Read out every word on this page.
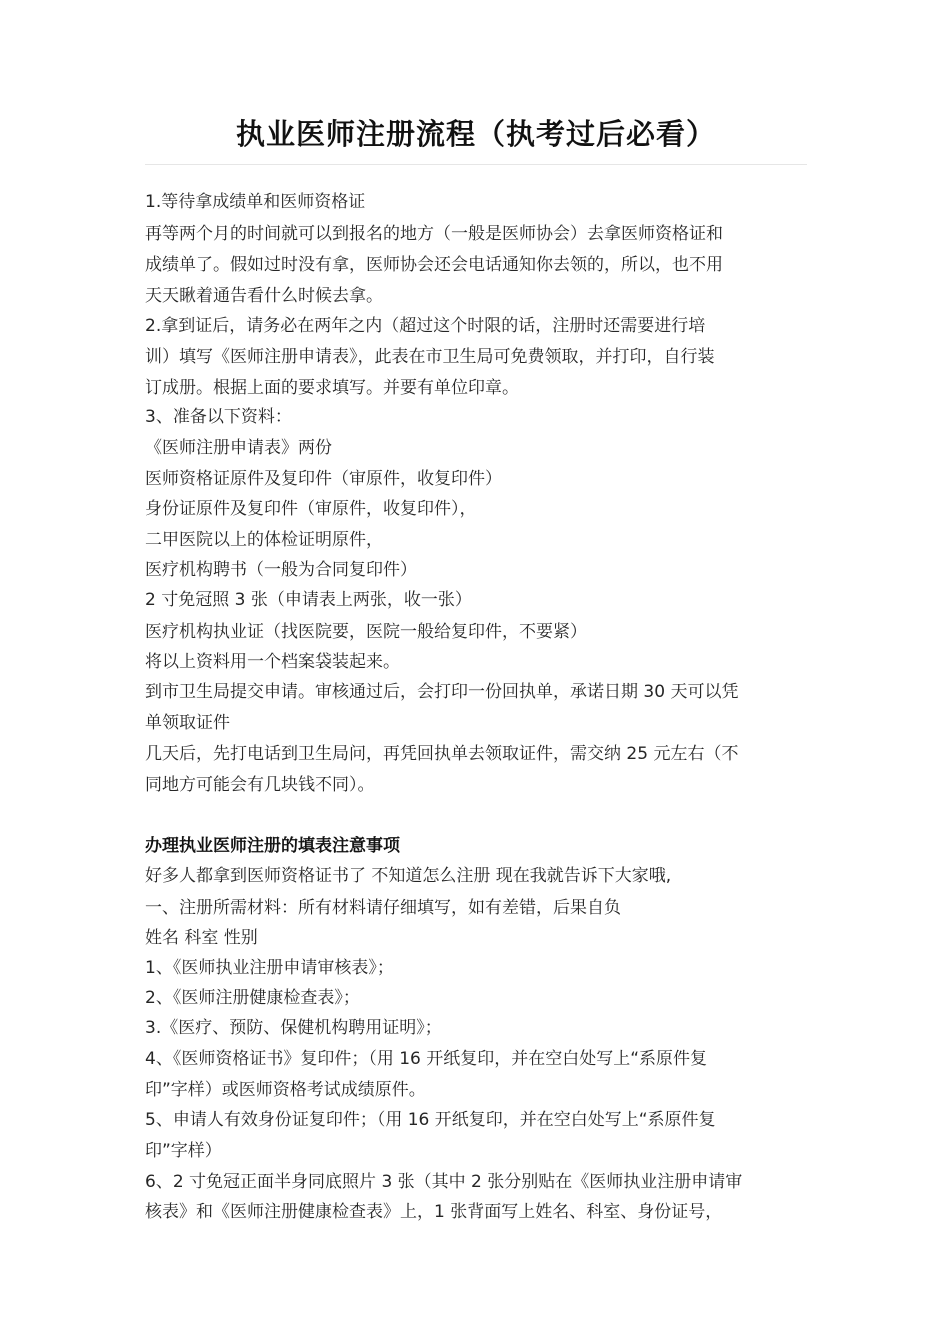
执业医师注册流程（执考过后必看）
1.等待拿成绩单和医师资格证
再等两个月的时间就可以到报名的地方（一般是医师协会）去拿医师资格证和
成绩单了。假如过时没有拿，医师协会还会电话通知你去领的，所以，也不用
天天瞅着通告看什么时候去拿。
2.拿到证后，请务必在两年之内（超过这个时限的话，注册时还需要进行培
训）填写《医师注册申请表》，此表在市卫生局可免费领取，并打印，自行装
订成册。根据上面的要求填写。并要有单位印章。
3、准备以下资料：
《医师注册申请表》两份
医师资格证原件及复印件（审原件，收复印件）
身份证原件及复印件（审原件，收复印件），
二甲医院以上的体检证明原件，
医疗机构聘书（一般为合同复印件）
2 寸免冠照 3 张（申请表上两张，收一张）
医疗机构执业证（找医院要，医院一般给复印件，不要紧）
将以上资料用一个档案袋装起来。
到市卫生局提交申请。审核通过后，会打印一份回执单，承诺日期 30 天可以凭
单领取证件
几天后，先打电话到卫生局问，再凭回执单去领取证件，需交纳 25 元左右（不
同地方可能会有几块钱不同）。
办理执业医师注册的填表注意事项
好多人都拿到医师资格证书了 不知道怎么注册 现在我就告诉下大家哦,
一、注册所需材料：所有材料请仔细填写，如有差错，后果自负
姓名 科室 性别
1、《医师执业注册申请审核表》；
2、《医师注册健康检查表》；
3.《医疗、预防、保健机构聘用证明》；
4、《医师资格证书》复印件；（用 16 开纸复印，并在空白处写上“系原件复
印”字样）或医师资格考试成绩原件。
5、申请人有效身份证复印件；（用 16 开纸复印，并在空白处写上“系原件复
印”字样）
6、2 寸免冠正面半身同底照片 3 张（其中 2 张分别贴在《医师执业注册申请审
核表》和《医师注册健康检查表》上，1 张背面写上姓名、科室、身份证号，
